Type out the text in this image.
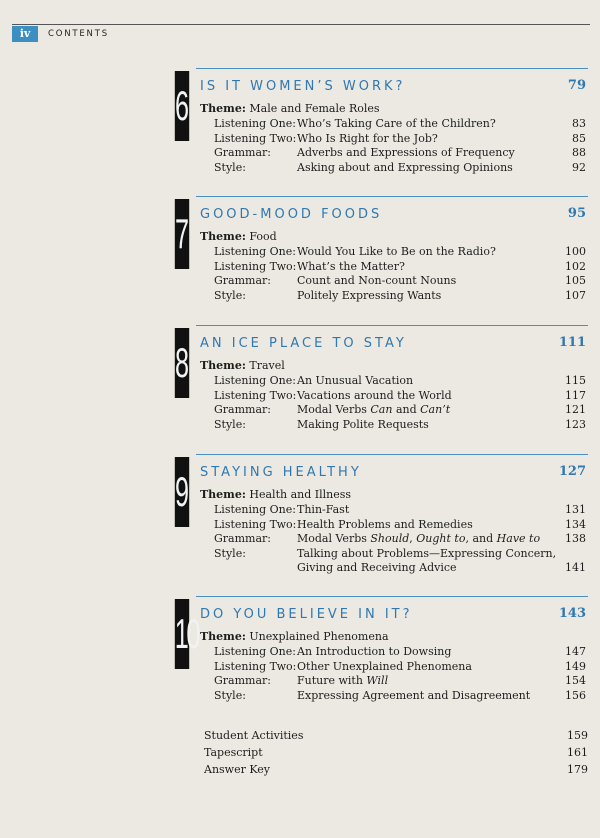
iv	CONTENTS
6 IS IT WOMEN’S WORK?	79
Theme: Male and Female Roles
Listening One: Who’s Taking Care of the Children?	83
Listening Two: Who Is Right for the Job?	85
Grammar: Adverbs and Expressions of Frequency	88
Style:	Asking about and Expressing Opinions	92
7 GOOD-MOOD FOODS	95
Theme: Food
Listening One: Would You Like to Be on the Radio?	100
Listening Two: What’s the Matter?	102
Grammar: Count and Non-count Nouns	105
Style:	Politely Expressing Wants	107
8 AN ICE PLACE TO STAY	111
Theme: Travel
Listening One: An Unusual Vacation	115
Listening Two: Vacations around the World	117
Grammar: Modal Verbs Can and Can’t	121
Style:	Making Polite Requests	123
9 STAYING HEALTHY	127
Theme: Health and Illness
Listening One: Thin-Fast	131
Listening Two: Health Problems and Remedies	134
Grammar: Modal Verbs Should, Ought to, and Have to 138
Style:	Talking about Problems—Expressing Concern, Giving and Receiving Advice	141
10 DO YOU BELIEVE IN IT?	143
Theme: Unexplained Phenomena
Listening One: An Introduction to Dowsing	147
Listening Two: Other Unexplained Phenomena	149
Grammar: Future with Will	154
Style:	Expressing Agreement and Disagreement	156
Student Activities	159
Tapescript	161
Answer Key	179
